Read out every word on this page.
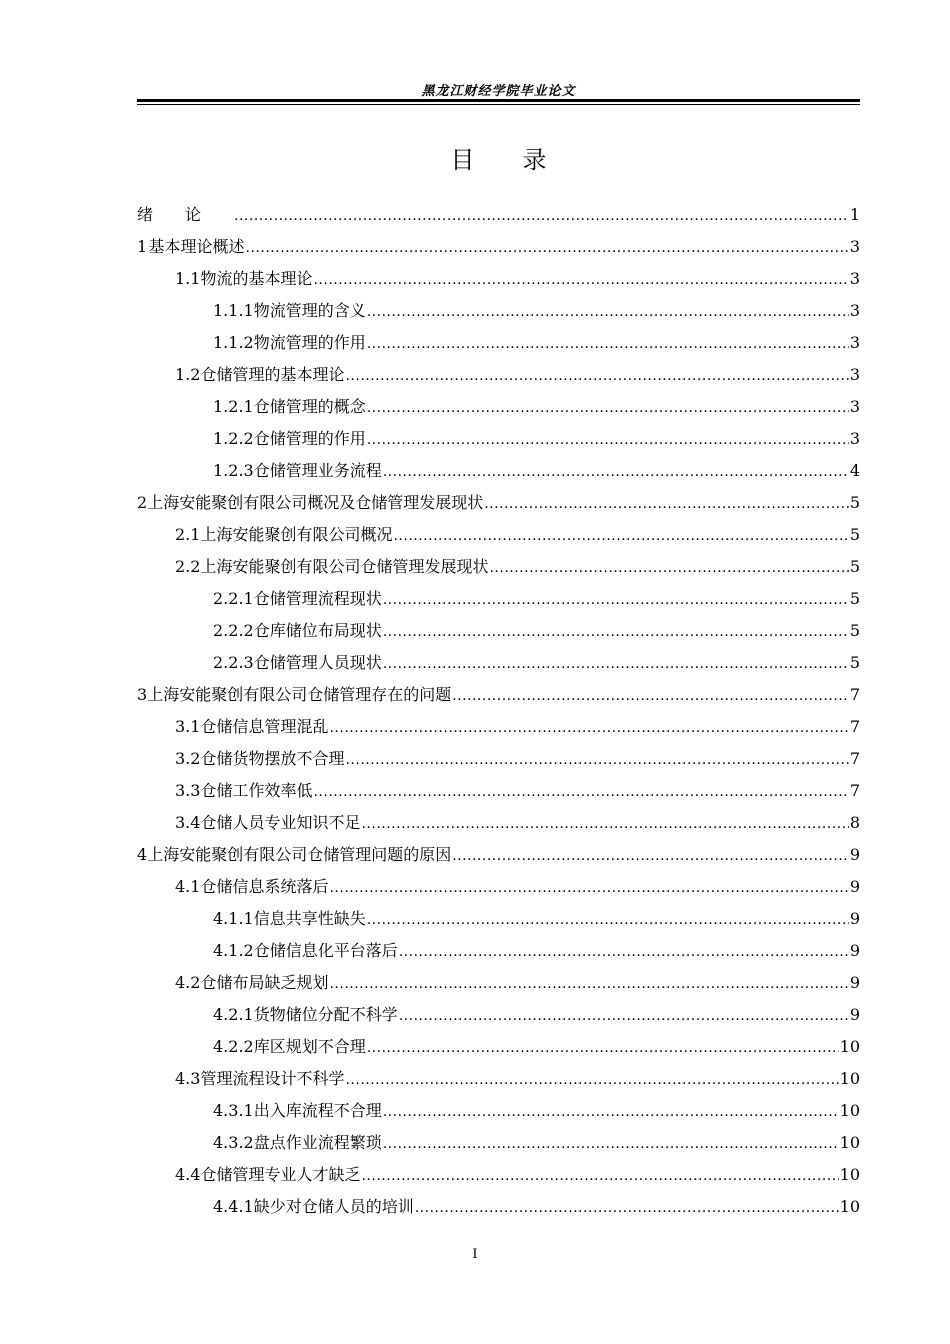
黑龙江财经学院毕业论文
目录
绪论 .....	1
1 基本理论概述 .....	3
1.1 物流的基本理论 .....	3
1.1.1 物流管理的含义 .....	3
1.1.2 物流管理的作用 .....	3
1.2 仓储管理的基本理论 .....	3
1.2.1 仓储管理的概念 .....	3
1.2.2 仓储管理的作用 .....	3
1.2.3 仓储管理业务流程 .....	4
2 上海安能聚创有限公司概况及仓储管理发展现状 .....	5
2.1 上海安能聚创有限公司概况 .....	5
2.2 上海安能聚创有限公司仓储管理发展现状 .....	5
2.2.1 仓储管理流程现状 .....	5
2.2.2 仓库储位布局现状 .....	5
2.2.3 仓储管理人员现状 .....	5
3 上海安能聚创有限公司仓储管理存在的问题 .....	7
3.1 仓储信息管理混乱 .....	7
3.2 仓储货物摆放不合理 .....	7
3.3 仓储工作效率低 .....	7
3.4 仓储人员专业知识不足 .....	8
4 上海安能聚创有限公司仓储管理问题的原因 .....	9
4.1 仓储信息系统落后 .....	9
4.1.1 信息共享性缺失 .....	9
4.1.2 仓储信息化平台落后 .....	9
4.2 仓储布局缺乏规划 .....	9
4.2.1 货物储位分配不科学 .....	9
4.2.2 库区规划不合理 .....	10
4.3 管理流程设计不科学 .....	10
4.3.1 出入库流程不合理 .....	10
4.3.2 盘点作业流程繁琐 .....	10
4.4 仓储管理专业人才缺乏 .....	10
4.4.1 缺少对仓储人员的培训 .....	10
I
